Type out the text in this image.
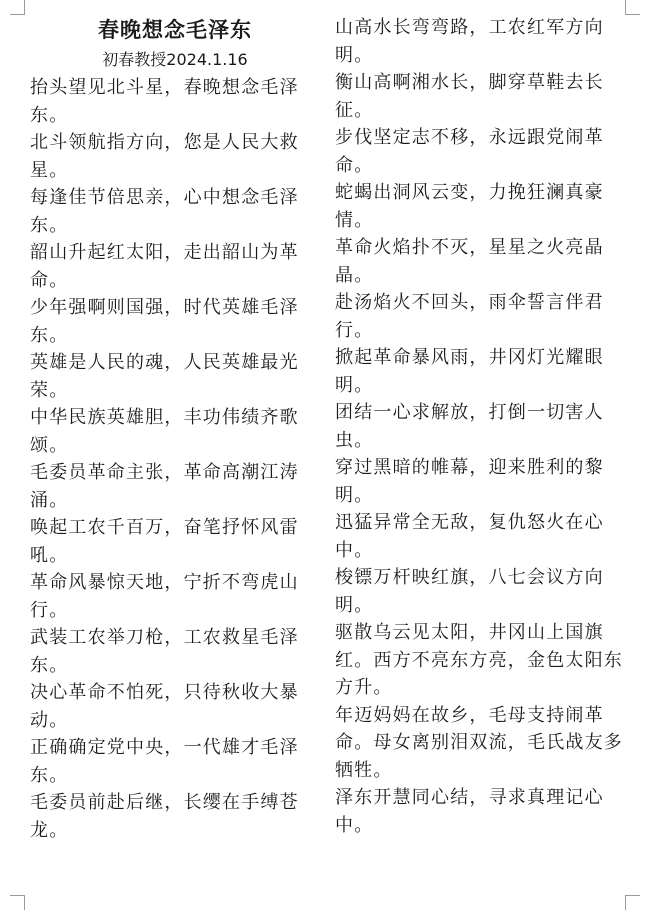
春晚想念毛泽东
初春教授2024.1.16
抬头望见北斗星，春晚想念毛泽东。
北斗领航指方向，您是人民大救星。
每逢佳节倍思亲，心中想念毛泽东。
韶山升起红太阳，走出韶山为革命。
少年强啊则国强，时代英雄毛泽东。
英雄是人民的魂，人民英雄最光荣。
中华民族英雄胆，丰功伟绩齐歌颂。
毛委员革命主张，革命高潮江涛涌。
唤起工农千百万，奋笔抒怀风雷吼。
革命风暴惊天地，宁折不弯虎山行。
武装工农举刀枪，工农救星毛泽东。
决心革命不怕死，只待秋收大暴动。
正确确定党中央，一代雄才毛泽东。
毛委员前赴后继，长缨在手缚苍龙。
山高水长弯弯路，工农红军方向明。
衡山高啊湘水长，脚穿草鞋去长征。
步伐坚定志不移，永远跟党闹革命。
蛇蝎出洞风云变，力挽狂澜真豪情。
革命火焰扑不灭，星星之火亮晶晶。
赴汤焰火不回头，雨伞誓言伴君行。
掀起革命暴风雨，井冈灯光耀眼明。
团结一心求解放，打倒一切害人虫。
穿过黑暗的帷幕，迎来胜利的黎明。
迅猛异常全无敌，复仇怒火在心中。
梭镖万杆映红旗，八七会议方向明。
驱散乌云见太阳，井冈山上国旗红。西方不亮东方亮，金色太阳东方升。
年迈妈妈在故乡，毛母支持闹革命。母女离别泪双流，毛氏战友多牺牲。
泽东开慧同心结，寻求真理记心中。
